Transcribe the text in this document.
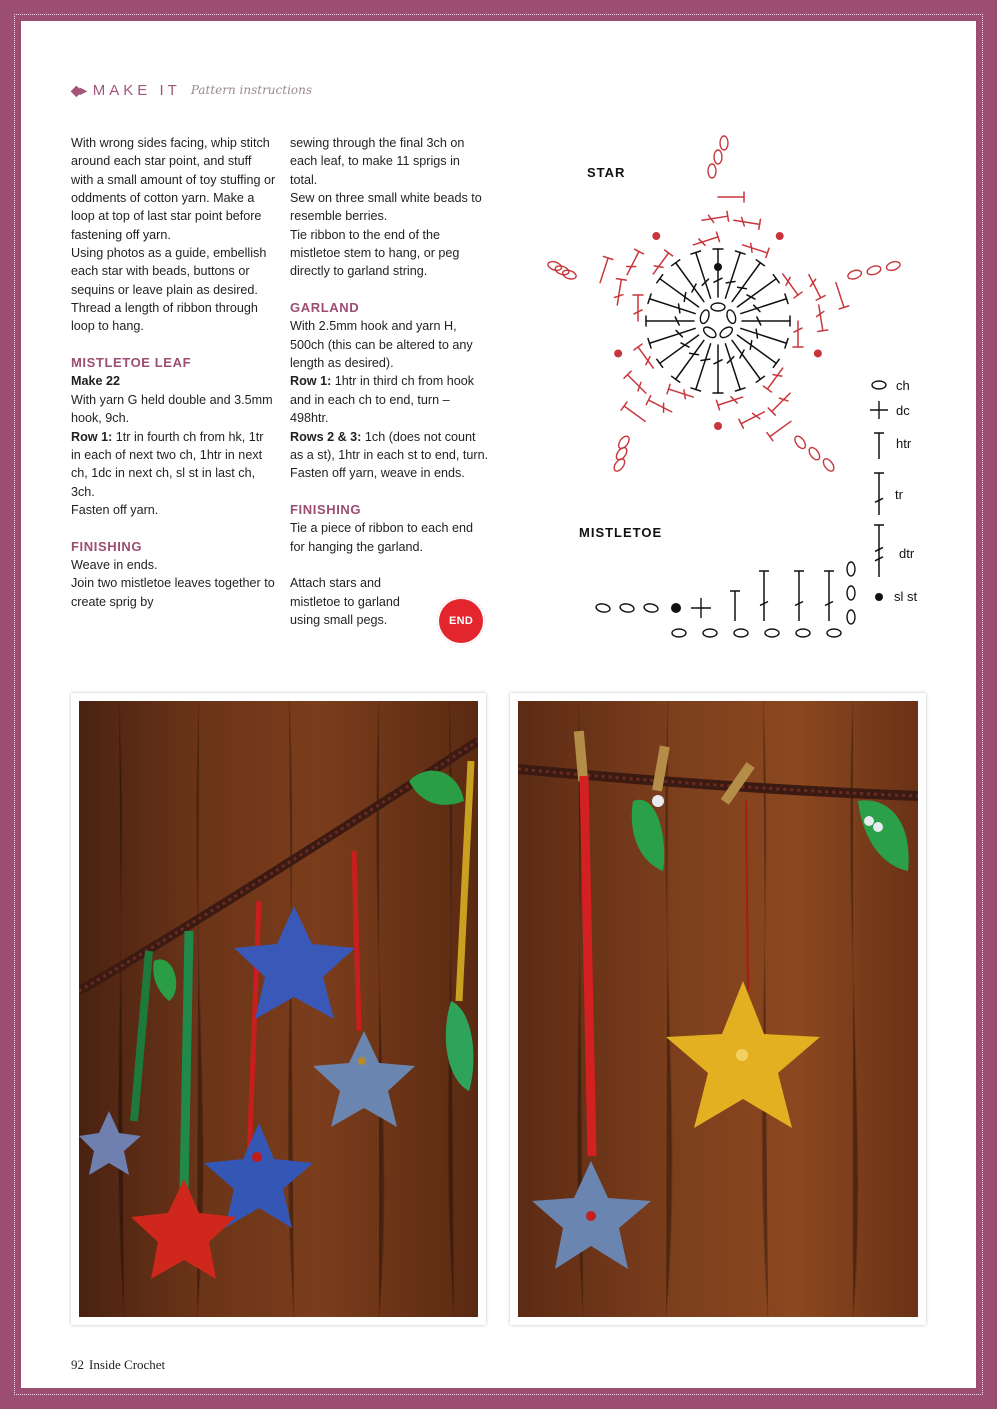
◆▸ MAKE IT Pattern instructions

With wrong sides facing, whip stitch around each star point, and stuff with a small amount of toy stuffing or oddments of cotton yarn. Make a loop at top of last star point before fastening off yarn.

Using photos as a guide, embellish each star with beads, buttons or sequins or leave plain as desired.

Thread a length of ribbon through loop to hang.

MISTLETOE LEAF

Make 22

With yarn G held double and 3.5mm hook, 9ch.

Row 1: 1tr in fourth ch from hk, 1tr in each of next two ch, 1htr in next ch, 1dc in next ch, sl st in last ch, 3ch.

Fasten off yarn.

FINISHING

Weave in ends.

Join two mistletoe leaves together to create sprig by

sewing through the final 3ch on each leaf, to make 11 sprigs in total.

Sew on three small white beads to resemble berries.

Tie ribbon to the end of the mistletoe stem to hang, or peg directly to garland string.

GARLAND

With 2.5mm hook and yarn H, 500ch (this can be altered to any length as desired).

Row 1: 1htr in third ch from hook and in each ch to end, turn – 498htr.

Rows 2 & 3: 1ch (does not count as a st), 1htr in each st to end, turn.

Fasten off yarn, weave in ends.

FINISHING

Tie a piece of ribbon to each end for hanging the garland.

Attach stars and mistletoe to garland using small pegs.	END
STAR
MISTLETOE
ch
dc
htr
tr
dtr
sl st
92 Inside Crochet
